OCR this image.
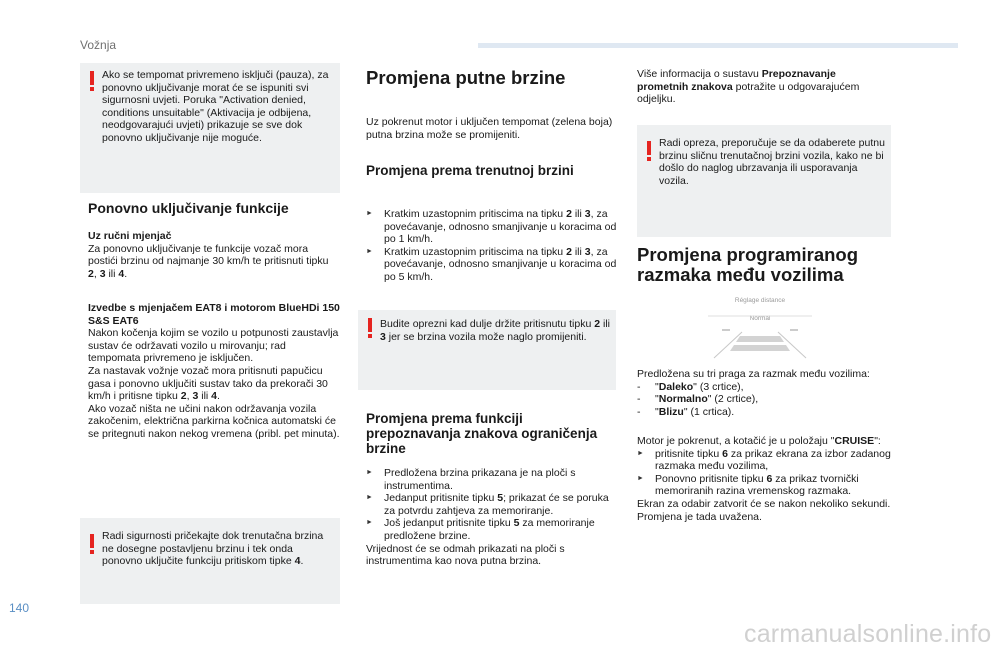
Vožnja
Ako se tempomat privremeno isključi (pauza), za ponovno uključivanje morat će se ispuniti svi sigurnosni uvjeti. Poruka "Activation denied, conditions unsuitable" (Aktivacija je odbijena, neodgovarajući uvjeti) prikazuje se sve dok ponovno uključivanje nije moguće.
Ponovno uključivanje funkcije

Uz ručni mjenjač

Za ponovno uključivanje te funkcije vozač mora postići brzinu od najmanje 30 km/h te pritisnuti tipku 2, 3 ili 4.

Izvedbe s mjenjačem EAT8 i motorom BlueHDi 150 S&S EAT6

Nakon kočenja kojim se vozilo u potpunosti zaustavlja sustav će održavati vozilo u mirovanju; rad tempomata privremeno je isključen.

Za nastavak vožnje vozač mora pritisnuti papučicu gasa i ponovno uključiti sustav tako da prekorači 30 km/h i pritisne tipku 2, 3 ili 4.

Ako vozač ništa ne učini nakon održavanja vozila zakočenim, električna parkirna kočnica automatski će se pritegnuti nakon nekog vremena (pribl. pet minuta).

Radi sigurnosti pričekajte dok trenutačna brzina ne dosegne postavljenu brzinu i tek onda ponovno uključite funkciju pritiskom tipke 4.
Promjena putne brzine

Uz pokrenut motor i uključen tempomat (zelena boja) putna brzina može se promijeniti.

Promjena prema trenutnoj brzini
► Kratkim uzastopnim pritiscima na tipku 2 ili 3, za povećavanje, odnosno smanjivanje u koracima od po 1 km/h.
► Kratkim uzastopnim pritiscima na tipku 2 ili 3, za povećavanje, odnosno smanjivanje u koracima od po 5 km/h.
Budite oprezni kad dulje držite pritisnutu tipku 2 ili 3 jer se brzina vozila može naglo promijeniti.
Promjena prema funkciji prepoznavanja znakova ograničenja brzine
► Predložena brzina prikazana je na ploči s instrumentima.
► Jedanput pritisnite tipku 5; prikazat će se poruka za potvrdu zahtjeva za memoriranje.
► Još jedanput pritisnite tipku 5 za memoriranje predložene brzine.

Vrijednost će se odmah prikazati na ploči s instrumentima kao nova putna brzina.

Više informacija o sustavu Prepoznavanje prometnih znakova potražite u odgovarajućem odjeljku.

Radi opreza, preporučuje se da odaberete putnu brzinu sličnu trenutačnoj brzini vozila, kako ne bi došlo do naglog ubrzavanja ili usporavanja vozila.
Promjena programiranog razmaka među vozilima
Réglage distance
Normal

Predložena su tri praga za razmak među vozilima:

- "Daleko" (3 crtice),
- "Normalno" (2 crtice),
- "Blizu" (1 crtica).

Motor je pokrenut, a kotačić je u položaju "CRUISE":

► pritisnite tipku 6 za prikaz ekrana za izbor zadanog razmaka među vozilima,
► Ponovno pritisnite tipku 6 za prikaz tvornički memoriranih razina vremenskog razmaka.

Ekran za odabir zatvorit će se nakon nekoliko sekundi.

Promjena je tada uvažena.

140
carmanualsonline.info
